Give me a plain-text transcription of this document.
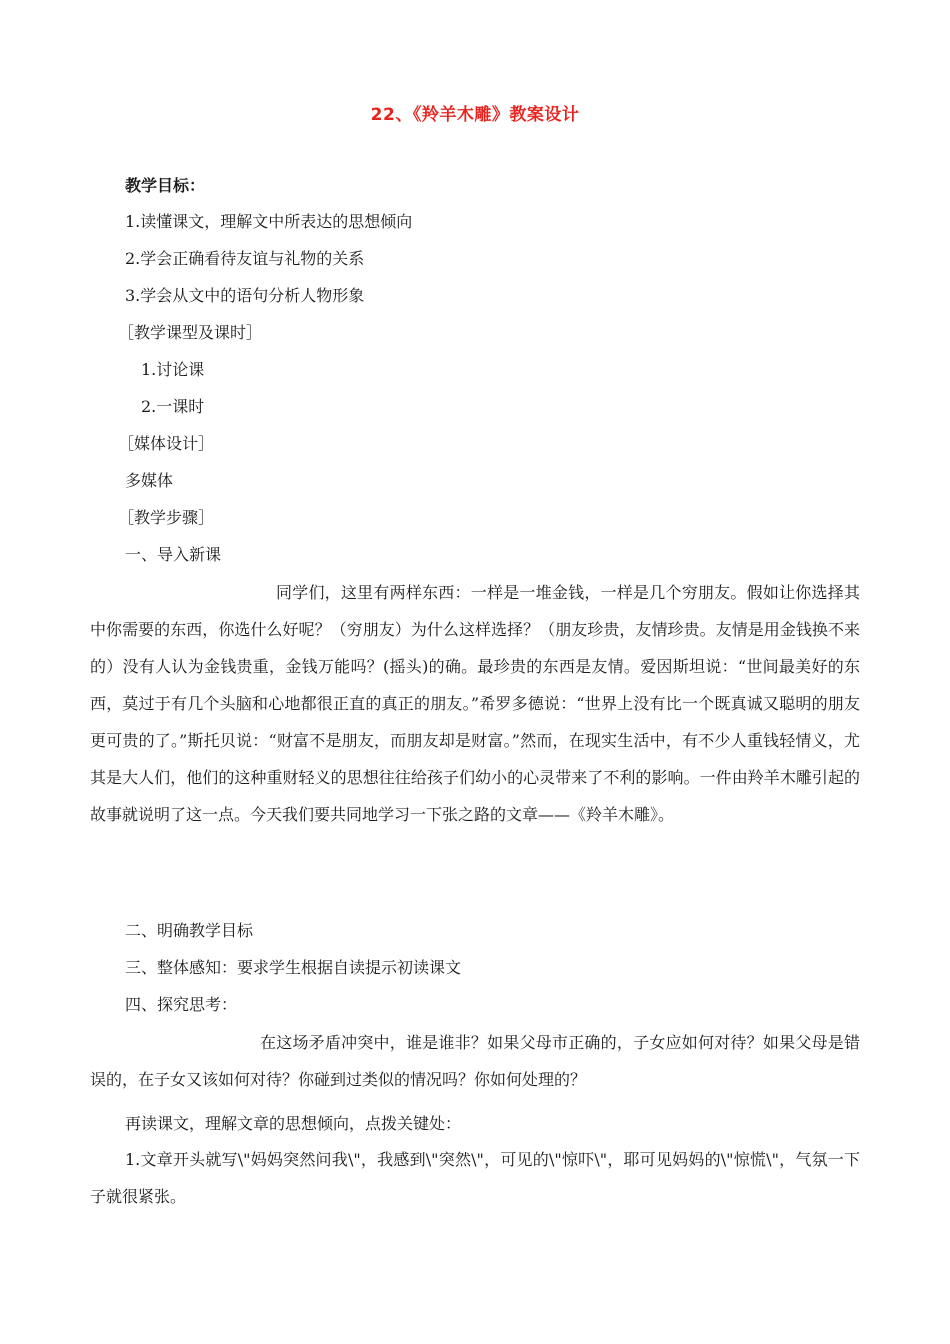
22、《羚羊木雕》教案设计
教学目标：
1.读懂课文，理解文中所表达的思想倾向
2.学会正确看待友谊与礼物的关系
3.学会从文中的语句分析人物形象
［教学课型及课时］
1.讨论课
2.一课时
［媒体设计］
多媒体
［教学步骤］
一、导入新课
同学们，这里有两样东西：一样是一堆金钱，一样是几个穷朋友。假如让你选择其中你需要的东西，你选什么好呢？（穷朋友）为什么这样选择？（朋友珍贵，友情珍贵。友情是用金钱换不来的）没有人认为金钱贵重，金钱万能吗？(摇头)的确。最珍贵的东西是友情。爱因斯坦说：“世间最美好的东西，莫过于有几个头脑和心地都很正直的真正的朋友。”希罗多德说：“世界上没有比一个既真诚又聪明的朋友更可贵的了。”斯托贝说：“财富不是朋友，而朋友却是财富。”然而，在现实生活中，有不少人重钱轻情义，尤其是大人们，他们的这种重财轻义的思想往往给孩子们幼小的心灵带来了不利的影响。一件由羚羊木雕引起的故事就说明了这一点。今天我们要共同地学习一下张之路的文章——《羚羊木雕》。
二、明确教学目标
三、整体感知：要求学生根据自读提示初读课文
四、探究思考：
在这场矛盾冲突中，谁是谁非？如果父母市正确的，子女应如何对待？如果父母是错误的，在子女又该如何对待？你碰到过类似的情况吗？你如何处理的？
再读课文，理解文章的思想倾向，点拨关键处：
1.文章开头就写\"妈妈突然问我\"，我感到\"突然\"，可见的\"惊吓\"，耶可见妈妈的\"惊慌\"，气氛一下子就很紧张。
